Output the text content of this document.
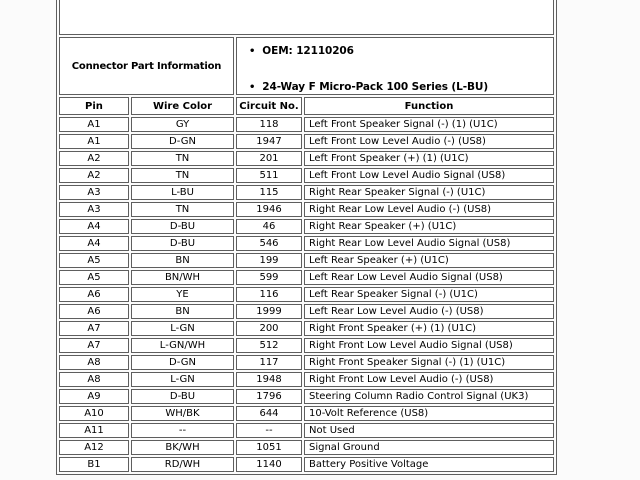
Connector Part Information		• OEM: 12110206
• 24-Way F Micro-Pack 100 Series (L-BU)	

Pin	Wire Color	Circuit No.	Function
A1	GY	118	Left Front Speaker Signal (-) (1) (U1C)
A1	D-GN	1947	Left Front Low Level Audio (-) (US8)
A2	TN	201	Left Front Speaker (+) (1) (U1C)
A2	TN	511	Left Front Low Level Audio Signal (US8)
A3	L-BU	115	Right Rear Speaker Signal (-) (U1C)
A3	TN	1946	Right Rear Low Level Audio (-) (US8)
A4	D-BU	46	Right Rear Speaker (+) (U1C)
A4	D-BU	546	Right Rear Low Level Audio Signal (US8)
A5	BN	199	Left Rear Speaker (+) (U1C)
A5	BN/WH	599	Left Rear Low Level Audio Signal (US8)
A6	YE	116	Left Rear Speaker Signal (-) (U1C)
A6	BN	1999	Left Rear Low Level Audio (-) (US8)
A7	L-GN	200	Right Front Speaker (+) (1) (U1C)
A7	L-GN/WH	512	Right Front Low Level Audio Signal (US8)
A8	D-GN	117	Right Front Speaker Signal (-) (1) (U1C)
A8	L-GN	1948	Right Front Low Level Audio (-) (US8)
A9	D-BU	1796	Steering Column Radio Control Signal (UK3)
A10	WH/BK	644	10-Volt Reference (US8)
A11	--	--	Not Used
A12	BK/WH	1051	Signal Ground
B1	RD/WH	1140	Battery Positive Voltage
